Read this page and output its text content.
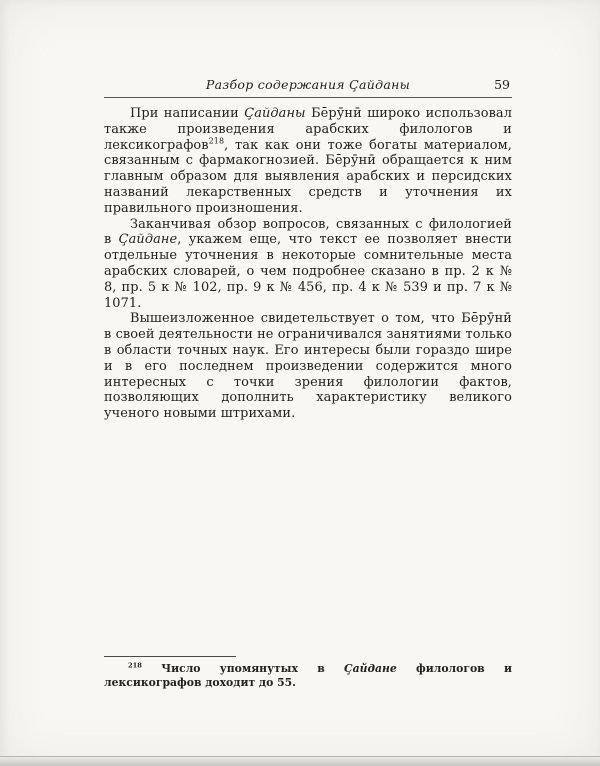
Разбор содержания Ҫайданы	59

При написании Ҫайданы Бēрӯнӣ широко использовал также произведения арабских филологов и лексикографов$^{218}$, так как они тоже богаты материалом, связанным с фармакогнозией. Бēрӯнӣ обращается к ним главным образом для выявления арабских и персидских названий лекарственных средств и уточнения их правильного произношения.

Заканчивая обзор вопросов, связанных с филологией в Ҫайдане, укажем еще, что текст ее позволяет внести отдельные уточнения в некоторые сомнительные места арабских словарей, о чем подробнее сказано в пр. 2 к № 8, пр. 5 к № 102, пр. 9 к № 456, пр. 4 к № 539 и пр. 7 к № 1071.

Вышеизложенное свидетельствует о том, что Бēрӯнӣ в своей деятельности не ограничивался занятиями только в области точных наук. Его интересы были гораздо шире и в его последнем произведении содержится много интересных с точки зрения филологии фактов, позволяющих дополнить характеристику великого ученого новыми штрихами.

$^{218}$ Число упомянутых в Ҫайдане филологов и лексикографов доходит до 55.
